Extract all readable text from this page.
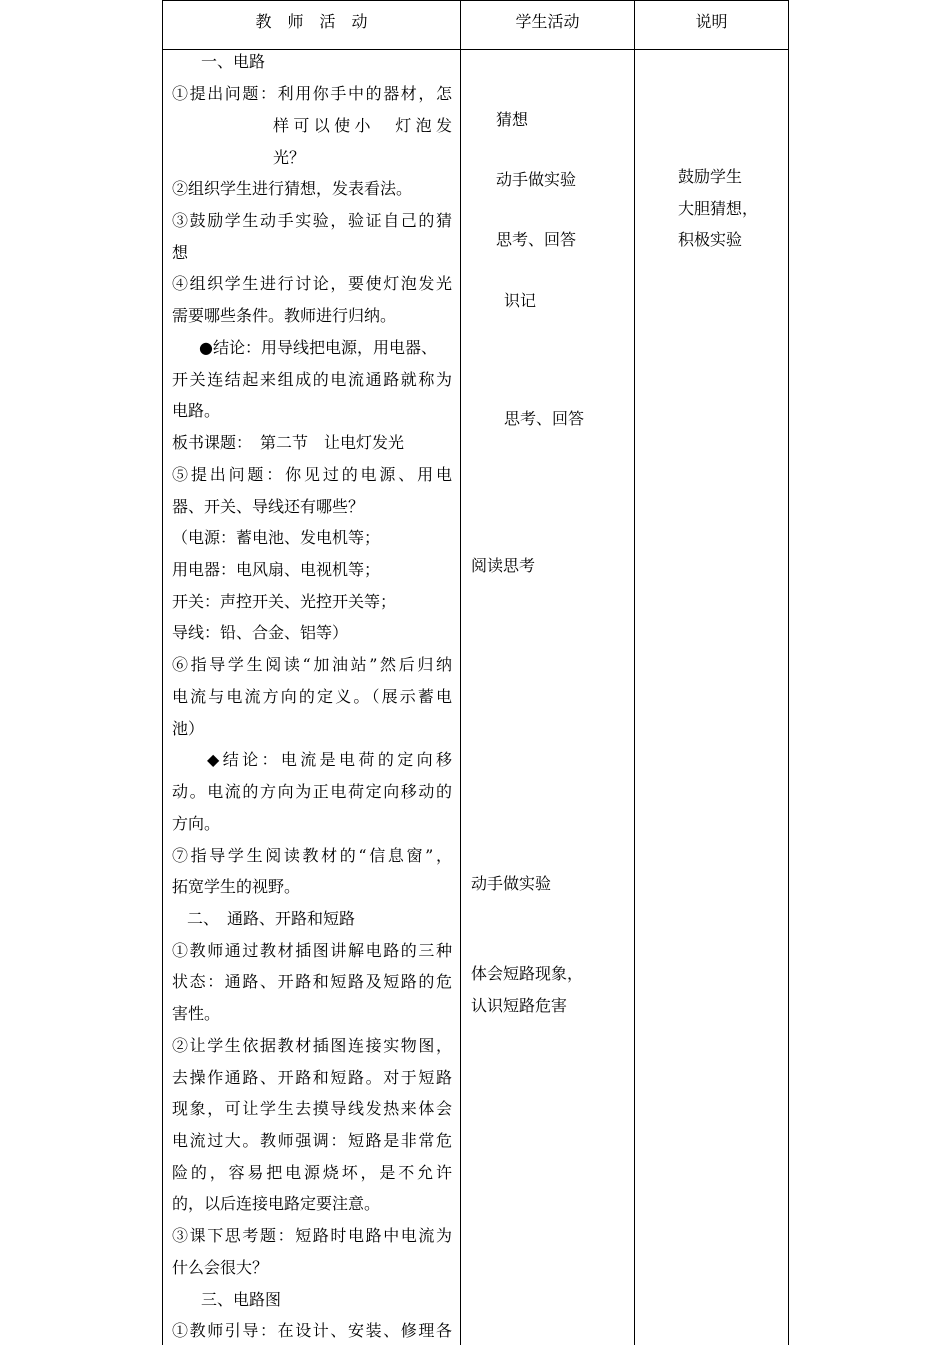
教　师　活　动	学生活动	说明
一、电路
①提出问题：利用你手中的器材，怎
样可以使小　灯泡发
光？
②组织学生进行猜想，发表看法。
③鼓励学生动手实验，验证自己的猜
想
④组织学生进行讨论，要使灯泡发光
需要哪些条件。教师进行归纳。
●结论：用导线把电源，用电器、
开关连结起来组成的电流通路就称为
电路。
板书课题：　第二节　让电灯发光
⑤提出问题：你见过的电源、用电
器、开关、导线还有哪些？
（电源：蓄电池、发电机等；
用电器：电风扇、电视机等；
开关：声控开关、光控开关等；
导线：铅、合金、铝等）
⑥指导学生阅读“加油站”然后归纳
电流与电流方向的定义。（展示蓄电
池）
◆结论：电流是电荷的定向移
动。电流的方向为正电荷定向移动的
方向。
⑦指导学生阅读教材的“信息窗”，
拓宽学生的视野。
二、　通路、开路和短路
①教师通过教材插图讲解电路的三种
状态：通路、开路和短路及短路的危
害性。
②让学生依据教材插图连接实物图，
去操作通路、开路和短路。对于短路
现象，可让学生去摸导线发热来体会
电流过大。教师强调：短路是非常危
险的，容易把电源烧坏，是不允许
的，以后连接电路定要注意。
③课下思考题：短路时电路中电流为
什么会很大？
三、电路图
①教师引导：在设计、安装、修理各
猜想
动手做实验
思考、回答
识记
思考、回答
阅读思考
动手做实验
体会短路现象，
认识短路危害
鼓励学生
大胆猜想，
积极实验
